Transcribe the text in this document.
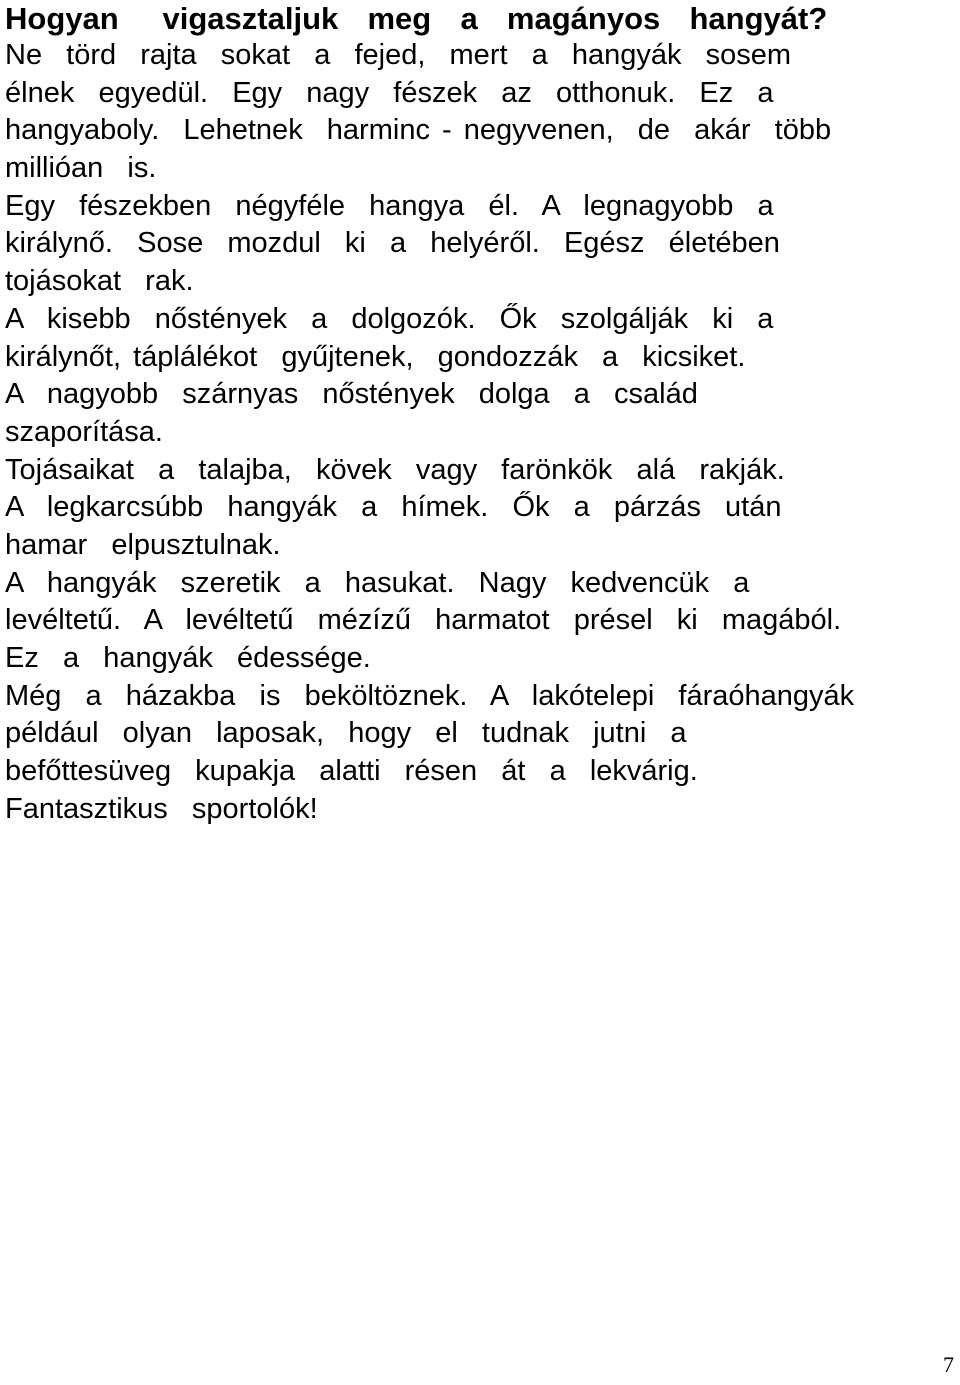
Hogyan   vigasztaljuk  meg  a  magányos  hangyát?

Ne  törd  rajta  sokat  a  fejed,  mert  a  hangyák  sosem

élnek  egyedül.  Egy  nagy  fészek  az  otthonuk.  Ez  a

hangyaboly.  Lehetnek  harminc - negyvenen,  de  akár  több

millióan  is.

Egy  fészekben  négyféle  hangya  él.  A  legnagyobb  a

királynő.  Sose  mozdul  ki  a  helyéről.  Egész  életében

tojásokat  rak.

A  kisebb  nőstények  a  dolgozók.  Ők  szolgálják  ki  a

királynőt, táplálékot  gyűjtenek,  gondozzák  a  kicsiket.

A  nagyobb  szárnyas  nőstények  dolga  a  család

szaporítása.

Tojásaikat  a  talajba,  kövek  vagy  farönkök  alá  rakják.

A  legkarcsúbb  hangyák  a  hímek.  Ők  a  párzás  után

hamar  elpusztulnak.

A  hangyák  szeretik  a  hasukat.  Nagy  kedvencük  a

levéltetű.  A  levéltetű  mézízű  harmatot  présel  ki  magából.

Ez  a  hangyák  édessége.

Még  a  házakba  is  beköltöznek.  A  lakótelepi  fáraóhangyák

például  olyan  laposak,  hogy  el  tudnak  jutni  a

befőttesüveg  kupakja  alatti  résen  át  a  lekvárig.

Fantasztikus  sportolók!

7
